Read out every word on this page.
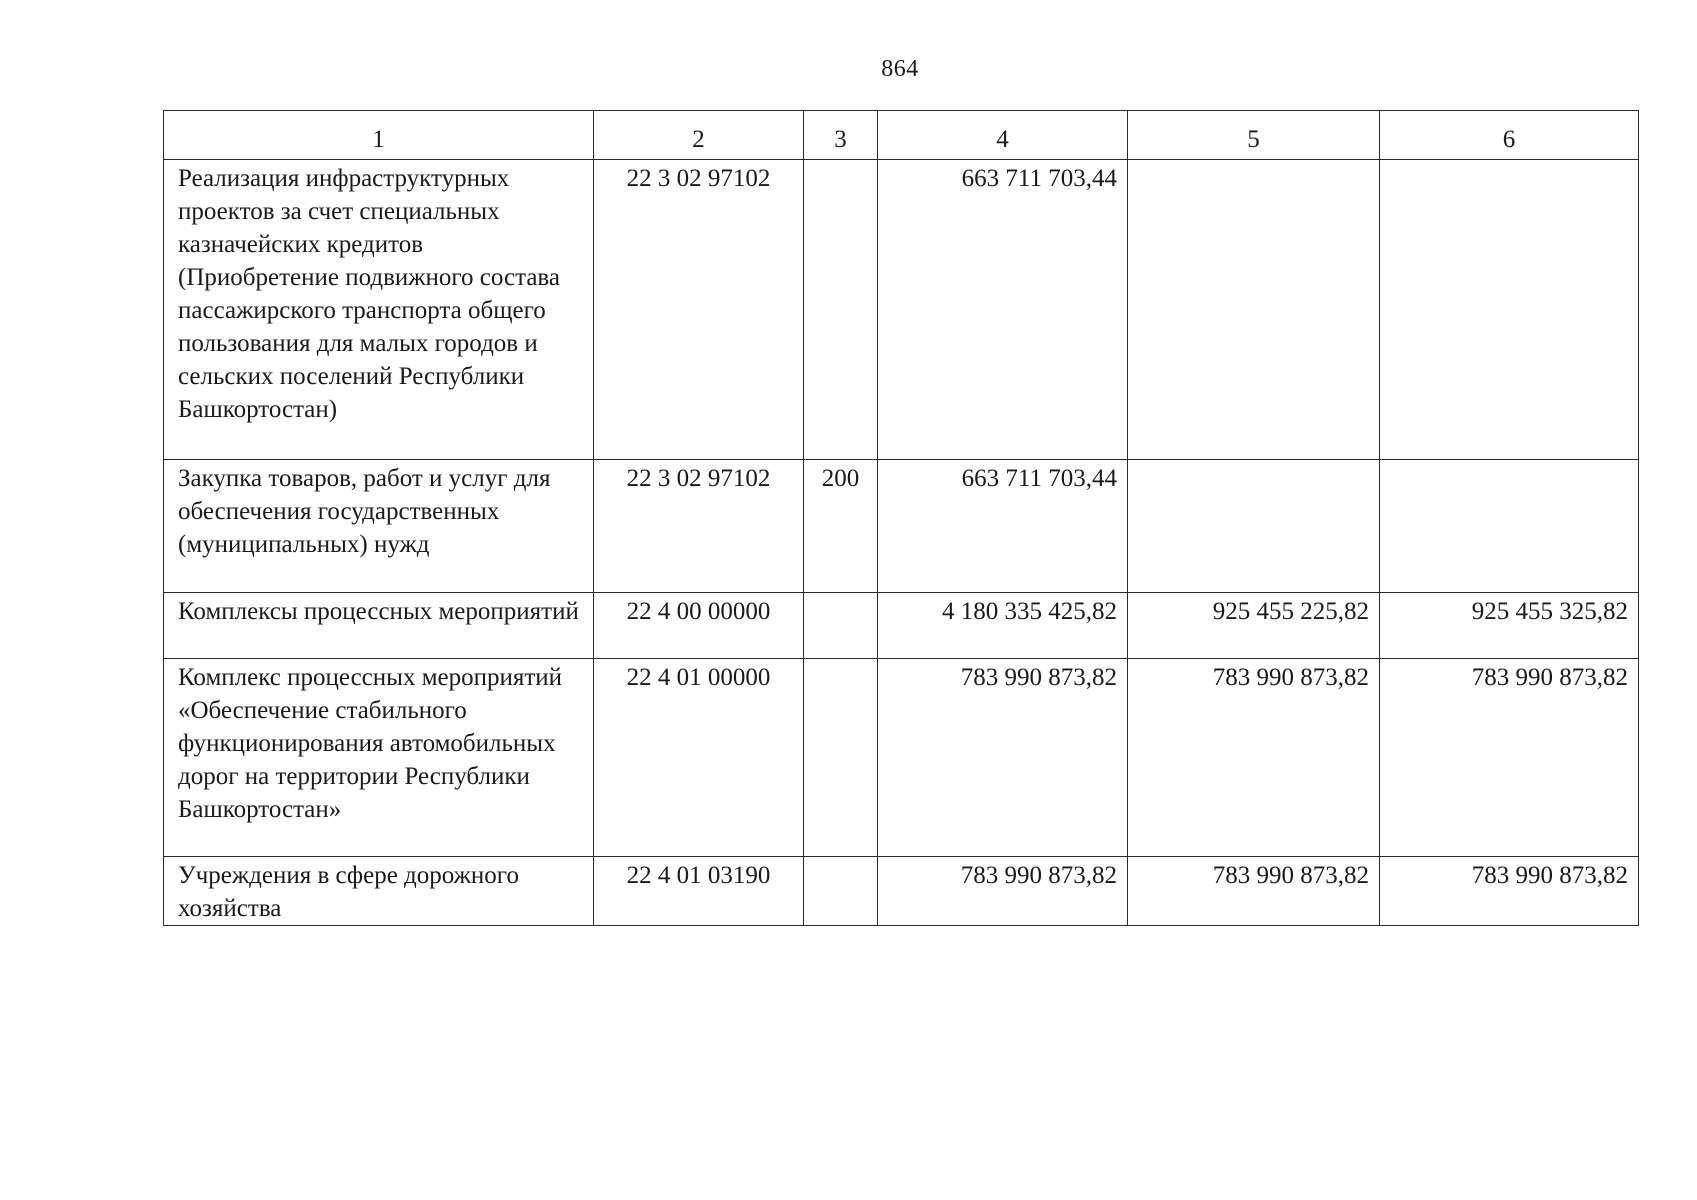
864
1	2	3	4	5	6
Реализация инфраструктурных проектов за счет специальных казначейских кредитов (Приобретение подвижного состава пассажирского транспорта общего пользования для малых городов и сельских поселений Республики Башкортостан)	22 3 02 97102		663 711 703,44		
Закупка товаров, работ и услуг для обеспечения государственных (муниципальных) нужд	22 3 02 97102	200	663 711 703,44		
Комплексы процессных мероприятий	22 4 00 00000		4 180 335 425,82	925 455 225,82	925 455 325,82
Комплекс процессных мероприятий «Обеспечение стабильного функционирования автомобильных дорог на территории Республики Башкортостан»	22 4 01 00000		783 990 873,82	783 990 873,82	783 990 873,82
Учреждения в сфере дорожного хозяйства	22 4 01 03190		783 990 873,82	783 990 873,82	783 990 873,82
